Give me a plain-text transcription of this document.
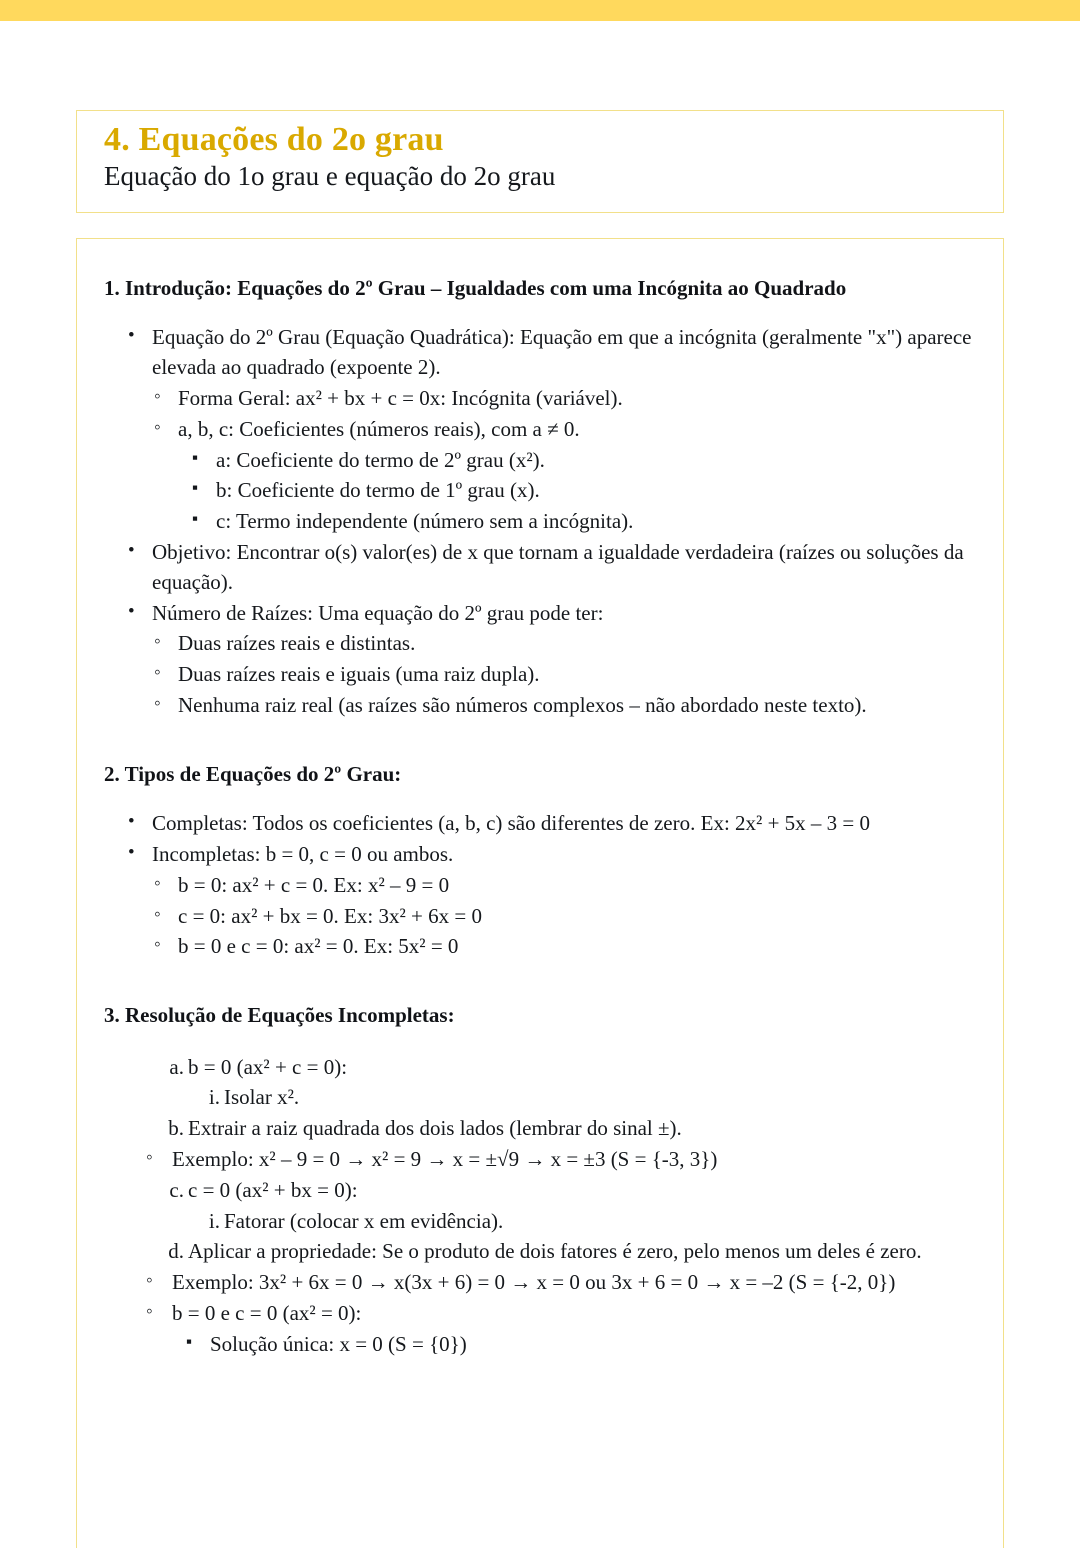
4. Equações do 2o grau
Equação do 1o grau e equação do 2o grau

1. Introdução: Equações do 2º Grau – Igualdades com uma Incógnita ao Quadrado

• Equação do 2º Grau (Equação Quadrática): Equação em que a incógnita (geralmente "x") aparece elevada ao quadrado (expoente 2).
◦ Forma Geral: ax² + bx + c = 0x: Incógnita (variável).
◦ a, b, c: Coeficientes (números reais), com a ≠ 0.
▪ a: Coeficiente do termo de 2º grau (x²).
▪ b: Coeficiente do termo de 1º grau (x).
▪ c: Termo independente (número sem a incógnita).
• Objetivo: Encontrar o(s) valor(es) de x que tornam a igualdade verdadeira (raízes ou soluções da equação).
• Número de Raízes: Uma equação do 2º grau pode ter:
◦ Duas raízes reais e distintas.
◦ Duas raízes reais e iguais (uma raiz dupla).
◦ Nenhuma raiz real (as raízes são números complexos – não abordado neste texto).

2. Tipos de Equações do 2º Grau:

• Completas: Todos os coeficientes (a, b, c) são diferentes de zero. Ex: 2x² + 5x – 3 = 0
• Incompletas: b = 0, c = 0 ou ambos.
◦ b = 0: ax² + c = 0. Ex: x² – 9 = 0
◦ c = 0: ax² + bx = 0. Ex: 3x² + 6x = 0
◦ b = 0 e c = 0: ax² = 0. Ex: 5x² = 0

3. Resolução de Equações Incompletas:

a. b = 0 (ax² + c = 0):
i. Isolar x².
b. Extrair a raiz quadrada dos dois lados (lembrar do sinal ±).
◦ Exemplo: x² – 9 = 0 → x² = 9 → x = ±√9 → x = ±3 (S = {-3, 3})
c. c = 0 (ax² + bx = 0):
i. Fatorar (colocar x em evidência).
d. Aplicar a propriedade: Se o produto de dois fatores é zero, pelo menos um deles é zero.
◦ Exemplo: 3x² + 6x = 0 → x(3x + 6) = 0 → x = 0 ou 3x + 6 = 0 → x = –2 (S = {-2, 0})
◦ b = 0 e c = 0 (ax² = 0):
▪ Solução única: x = 0 (S = {0})
